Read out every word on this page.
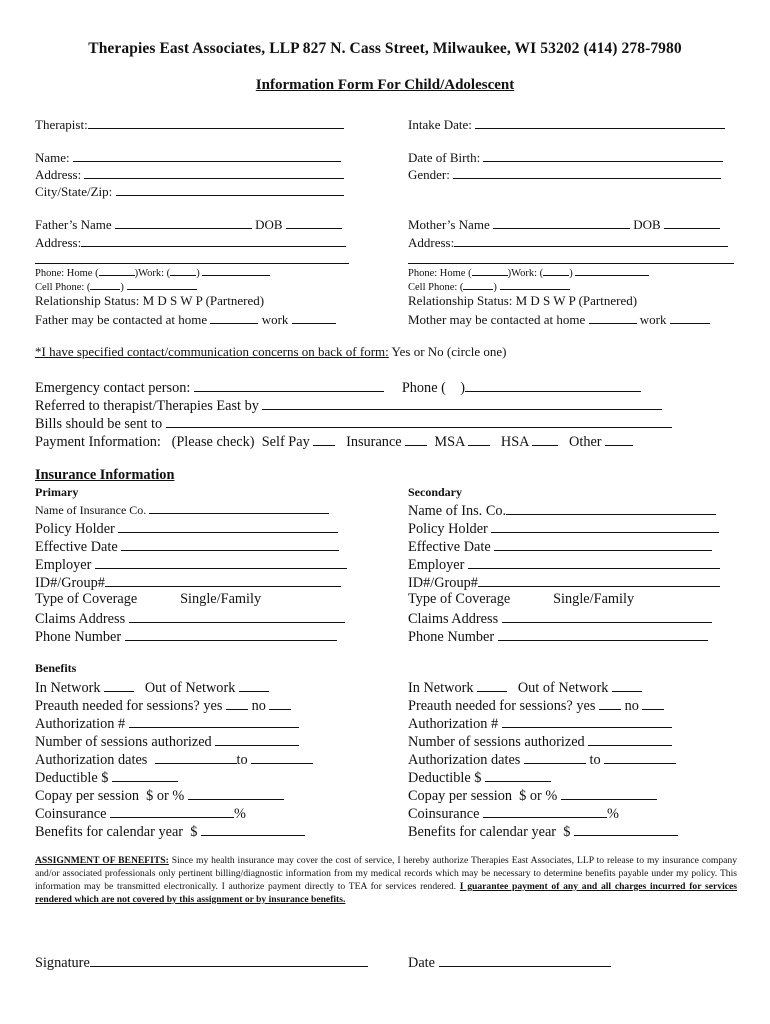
Therapies East Associates, LLP 827 N. Cass Street, Milwaukee, WI 53202 (414) 278-7980
Information Form For Child/Adolescent
Therapist:	Intake Date:
Name:
Address:
City/State/Zip:
Date of Birth:
Gender:
Father’s Name	DOB
Address:
Phone: Home (	)Work: ( )
Cell Phone: (	)
Relationship Status: M D S W P (Partnered)
Father may be contacted at home	work
Mother’s Name	DOB
Address:
Phone: Home (	)Work: ( )
Cell Phone: (	)
Relationship Status: M D S W P (Partnered)
Mother may be contacted at home	work
*I have specified contact/communication concerns on back of form: Yes or No (circle one)
Emergency contact person:	Phone ( )
Referred to therapist/Therapies East by
Bills should be sent to
Payment Information:   (Please check)  Self Pay	Insurance MSA	HSA	Other
Insurance Information
Primary	Secondary
Name of Insurance Co.
Policy Holder
Effective Date
Employer
ID#/Group#
Type of Coverage	Single/Family
Claims Address
Phone Number
Name of Ins. Co.
Policy Holder
Effective Date
Employer
ID#/Group#
Type of Coverage	Single/Family
Claims Address
Phone Number
Benefits
In Network	Out of Network
Preauth needed for sessions? yes no
Authorization #
Number of sessions authorized
Authorization dates	to
Deductible $
Copay per session  $ or %
Coinsurance	%
Benefits for calendar year  $
In Network	Out of Network
Preauth needed for sessions? yes no
Authorization #
Number of sessions authorized
Authorization dates	to
Deductible $
Copay per session  $ or %
Coinsurance	%
Benefits for calendar year  $
ASSIGNMENT OF BENEFITS: Since my health insurance may cover the cost of service, I hereby authorize Therapies East Associates, LLP to release to my insurance company and/or associated professionals only pertinent billing/diagnostic information from my medical records which may be necessary to determine benefits payable under my policy. This information may be transmitted electronically. I authorize payment directly to TEA for services rendered. I guarantee payment of any and all charges incurred for services rendered which are not covered by this assignment or by insurance benefits.
Signature	Date
